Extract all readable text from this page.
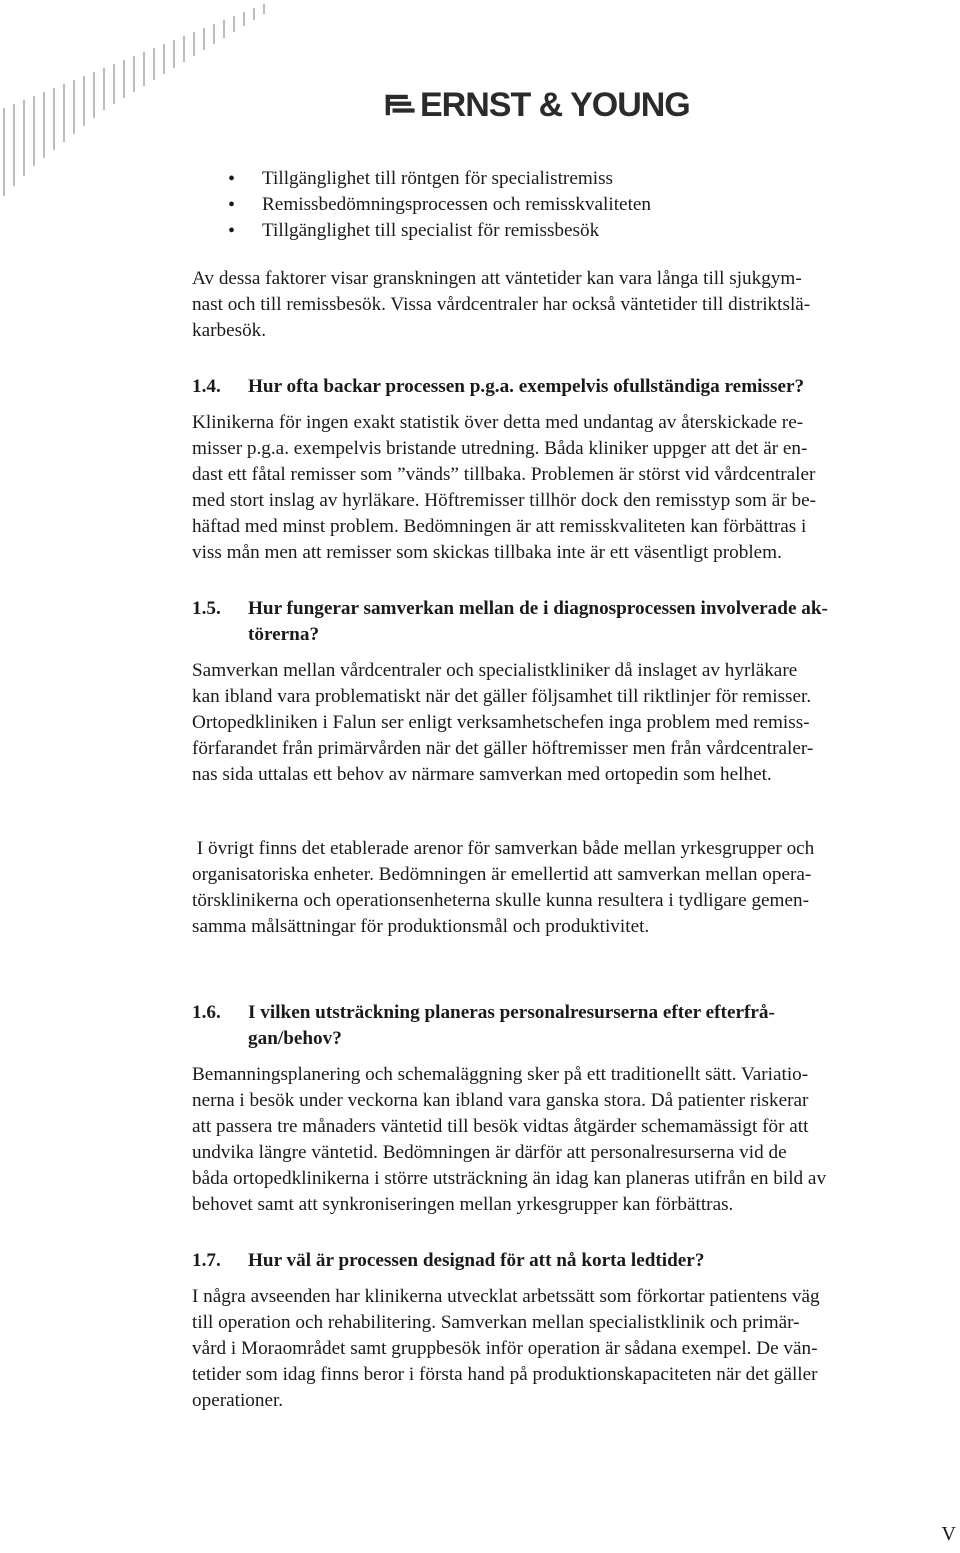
ERNST & YOUNG
• Tillgänglighet till röntgen för specialistremiss
• Remissbedömningsprocessen och remisskvaliteten
• Tillgänglighet till specialist för remissbesök

Av dessa faktorer visar granskningen att väntetider kan vara långa till sjukgym-
nast och till remissbesök. Vissa vårdcentraler har också väntetider till distriktslä-
karbesök.

1.4.	Hur ofta backar processen p.g.a. exempelvis ofullständiga remisser?

Klinikerna för ingen exakt statistik över detta med undantag av återskickade re-
misser p.g.a. exempelvis bristande utredning. Båda kliniker uppger att det är en-
dast ett fåtal remisser som ”vänds” tillbaka. Problemen är störst vid vårdcentraler
med stort inslag av hyrläkare. Höftremisser tillhör dock den remisstyp som är be-
häftad med minst problem. Bedömningen är att remisskvaliteten kan förbättras i
viss mån men att remisser som skickas tillbaka inte är ett väsentligt problem.

1.5.	Hur fungerar samverkan mellan de i diagnosprocessen involverade ak-
törerna?

Samverkan mellan vårdcentraler och specialistkliniker då inslaget av hyrläkare
kan ibland vara problematiskt när det gäller följsamhet till riktlinjer för remisser.
Ortopedkliniken i Falun ser enligt verksamhetschefen inga problem med remiss-
förfarandet från primärvården när det gäller höftremisser men från vårdcentraler-
nas sida uttalas ett behov av närmare samverkan med ortopedin som helhet.

I övrigt finns det etablerade arenor för samverkan både mellan yrkesgrupper och
organisatoriska enheter. Bedömningen är emellertid att samverkan mellan opera-
törsklinikerna och operationsenheterna skulle kunna resultera i tydligare gemen-
samma målsättningar för produktionsmål och produktivitet.

1.6.	I vilken utsträckning planeras personalresurserna efter efterfrå-
gan/behov?

Bemanningsplanering och schemaläggning sker på ett traditionellt sätt. Variatio-
nerna i besök under veckorna kan ibland vara ganska stora. Då patienter riskerar
att passera tre månaders väntetid till besök vidtas åtgärder schemamässigt för att
undvika längre väntetid. Bedömningen är därför att personalresurserna vid de
båda ortopedklinikerna i större utsträckning än idag kan planeras utifrån en bild av
behovet samt att synkroniseringen mellan yrkesgrupper kan förbättras.

1.7.	Hur väl är processen designad för att nå korta ledtider?

I några avseenden har klinikerna utvecklat arbetssätt som förkortar patientens väg
till operation och rehabilitering. Samverkan mellan specialistklinik och primär-
vård i Moraområdet samt gruppbesök inför operation är sådana exempel. De vän-
tetider som idag finns beror i första hand på produktionskapaciteten när det gäller
operationer.

V
